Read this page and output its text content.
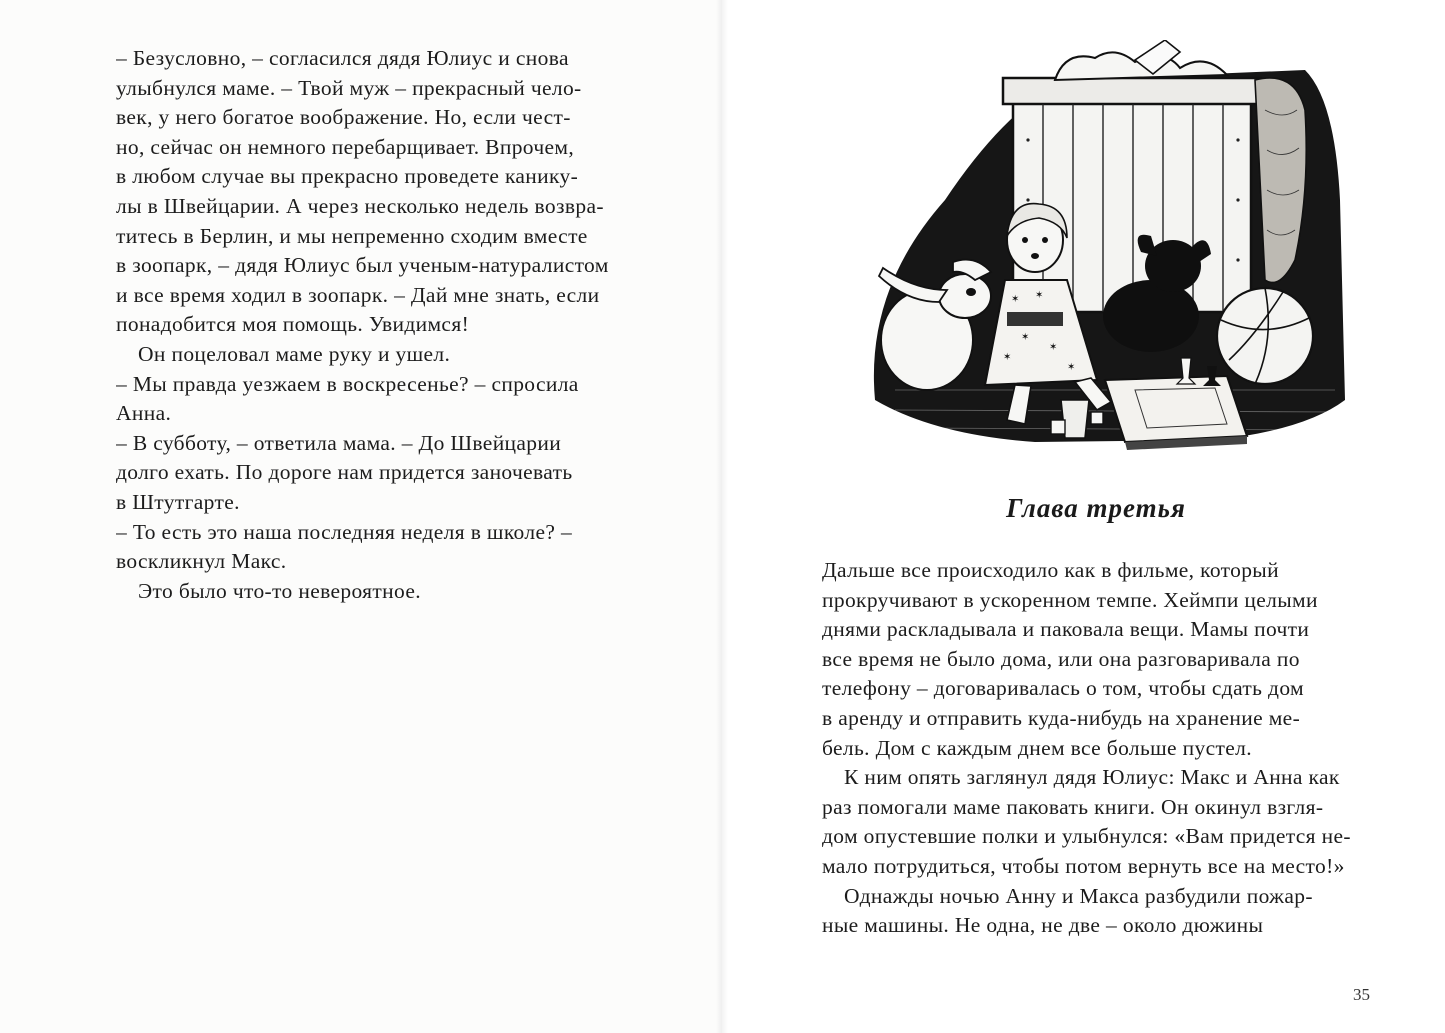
– Безусловно, – согласился дядя Юлиус и снова
улыбнулся маме. – Твой муж – прекрасный чело-
век, у него богатое воображение. Но, если чест-
но, сейчас он немного перебарщивает. Впрочем,
в любом случае вы прекрасно проведете канику-
лы в Швейцарии. А через несколько недель возвра-
титесь в Берлин, и мы непременно сходим вместе
в зоопарк, – дядя Юлиус был ученым-натуралистом
и все время ходил в зоопарк. – Дай мне знать, если
понадобится моя помощь. Увидимся!
Он поцеловал маме руку и ушел.
– Мы правда уезжаем в воскресенье? – спросила
Анна.
– В субботу, – ответила мама. – До Швейцарии
долго ехать. По дороге нам придется заночевать
в Штутгарте.
– То есть это наша последняя неделя в школе? –
воскликнул Макс.
Это было что-то невероятное.
✶ ✶
✶
✶
✶
✶
Глава третья
Дальше все происходило как в фильме, который
прокручивают в ускоренном темпе. Хеймпи целыми
днями раскладывала и паковала вещи. Мамы почти
все время не было дома, или она разговаривала по
телефону – договаривалась о том, чтобы сдать дом
в аренду и отправить куда-нибудь на хранение ме-
бель. Дом с каждым днем все больше пустел.
К ним опять заглянул дядя Юлиус: Макс и Анна как
раз помогали маме паковать книги. Он окинул взгля-
дом опустевшие полки и улыбнулся: «Вам придется не-
мало потрудиться, чтобы потом вернуть все на место!»
Однажды ночью Анну и Макса разбудили пожар-
ные машины. Не одна, не две – около дюжины
35
